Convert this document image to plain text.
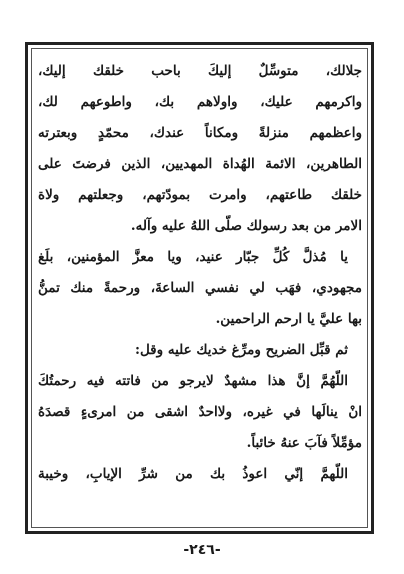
جلالك، متوسِّلٌ إليكَ باحب خلقك إليك،
واكرمهم عليك، واولاهم بك، واطوعهم لك،
واعظمهم منزلةً ومكاناً عندك، محمّدٍ وبعترته
الطاهرين، الائمة الهُداة المهديين، الذين فرضتَ على
خلقك طاعتهم، وامرت بمودّتهم، وجعلتهم ولاة
الامر من بعد رسولك صلّى اللهُ عليه وآله.
يا مُذلَّ كُلِّ جبّار عنيد، ويا معزَّ المؤمنين، بلَغ
مجهودي، فهَب لي نفسي الساعةَ، ورحمةً منك تمنُّ
بها عليَّ يا ارحم الراحمين.
ثم قبِّل الضريح ومرِّغ خديك عليه وقل:
اللّهُمَّ إنَّ هذا مشهدٌ لايرجو من فاتته فيه رحمتُكَ
انْ ينالَها في غيره، ولااحدٌ اشقى من امرىءٍ قصدَهُ
مؤمِّلاً فآبَ عنهُ خائباً.
اللّهمَّ إنّي اعوذُ بك من شرِّ الإيابِ، وخيبة
-٢٤٦-
